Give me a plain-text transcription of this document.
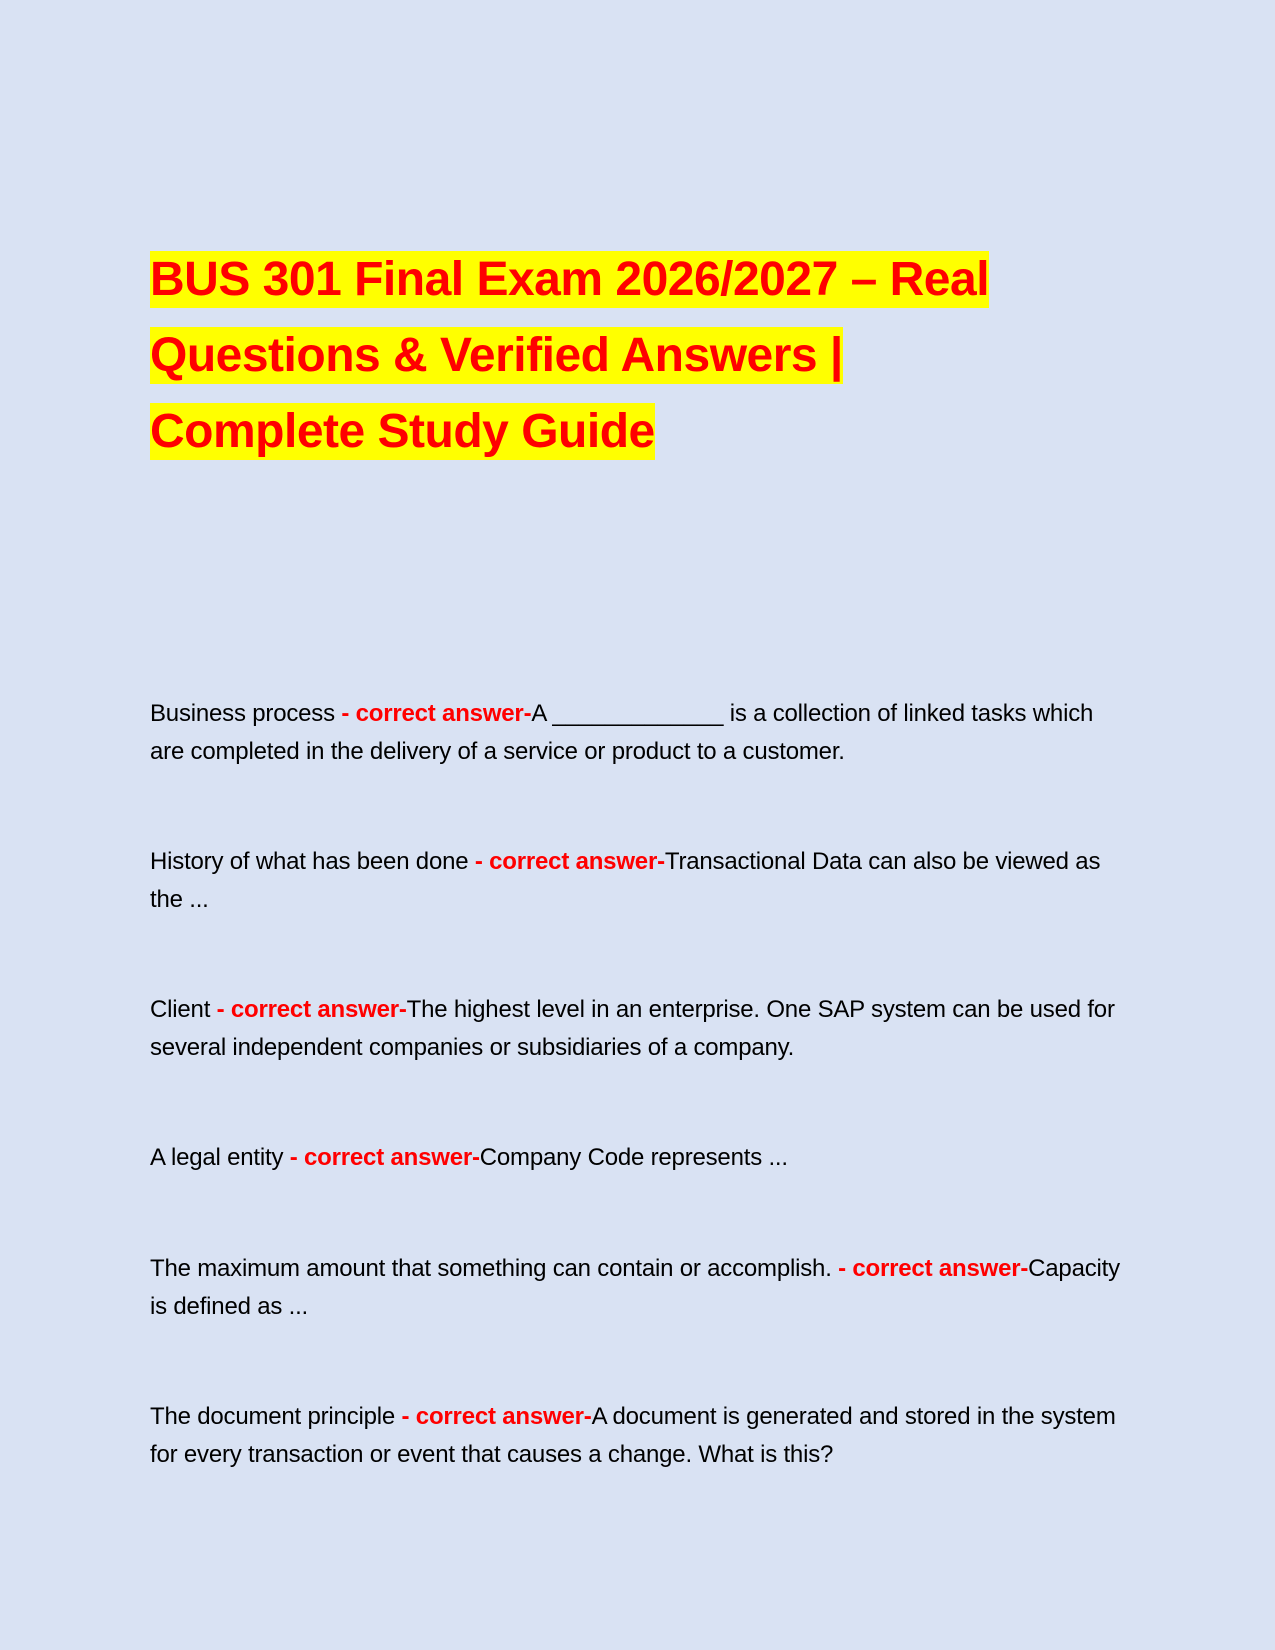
BUS 301 Final Exam 2026/2027 – Real
Questions & Verified Answers |
Complete Study Guide
Business process - correct answer-A _____________ is a collection of linked tasks which are completed in the delivery of a service or product to a customer.
History of what has been done - correct answer-Transactional Data can also be viewed as the ...
Client - correct answer-The highest level in an enterprise. One SAP system can be used for several independent companies or subsidiaries of a company.
A legal entity - correct answer-Company Code represents ...
The maximum amount that something can contain or accomplish. - correct answer-Capacity is defined as ...
The document principle - correct answer-A document is generated and stored in the system for every transaction or event that causes a change. What is this?
